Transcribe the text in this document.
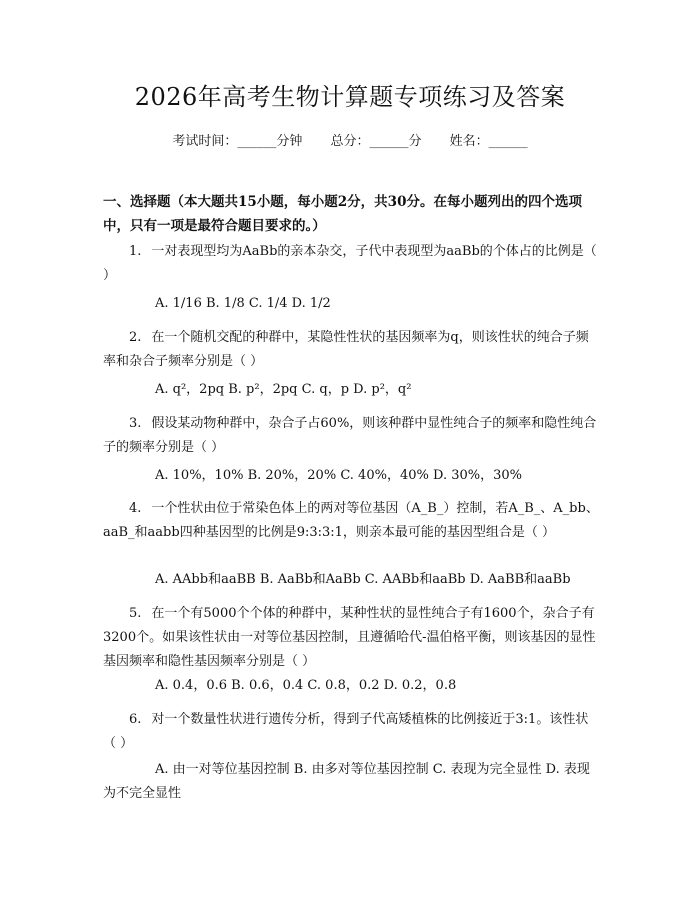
2026年高考生物计算题专项练习及答案
考试时间：______分钟 总分：______分 姓名：______
一、选择题（本大题共15小题，每小题2分，共30分。在每小题列出的四个选项中，只有一项是最符合题目要求的。）
1. 一对表现型均为AaBb的亲本杂交，子代中表现型为aaBb的个体占的比例是（ ）
A. 1/16 B. 1/8 C. 1/4 D. 1/2
2. 在一个随机交配的种群中，某隐性性状的基因频率为q，则该性状的纯合子频率和杂合子频率分别是（ ）
A. q²，2pq B. p²，2pq C. q，p D. p²，q²
3. 假设某动物种群中，杂合子占60%，则该种群中显性纯合子的频率和隐性纯合子的频率分别是（ ）
A. 10%，10% B. 20%，20% C. 40%，40% D. 30%，30%
4. 一个性状由位于常染色体上的两对等位基因（A_B_）控制，若A_B_、A_bb、aaB_和aabb四种基因型的比例是9:3:3:1，则亲本最可能的基因型组合是（ ）
A. AAbb和aaBB B. AaBb和AaBb C. AABb和aaBb D. AaBB和aaBb
5. 在一个有5000个个体的种群中，某种性状的显性纯合子有1600个，杂合子有3200个。如果该性状由一对等位基因控制，且遵循哈代-温伯格平衡，则该基因的显性基因频率和隐性基因频率分别是（ ）
A. 0.4，0.6 B. 0.6，0.4 C. 0.8，0.2 D. 0.2，0.8
6. 对一个数量性状进行遗传分析，得到子代高矮植株的比例接近于3:1。该性状（ ）
A. 由一对等位基因控制 B. 由多对等位基因控制 C. 表现为完全显性 D. 表现为不完全显性
